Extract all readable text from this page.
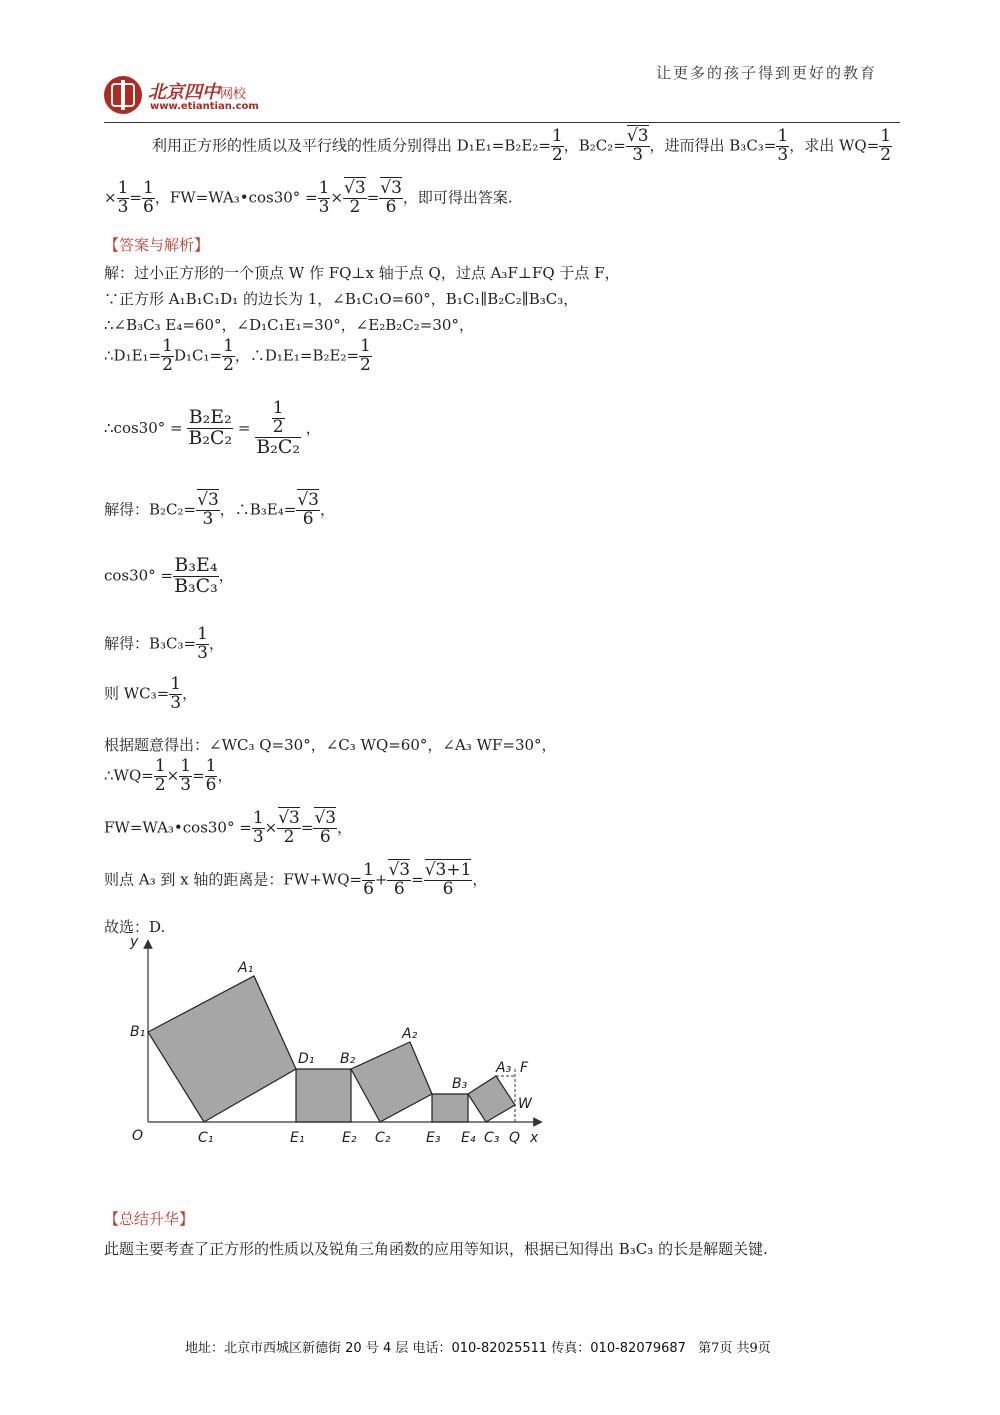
让更多的孩子得到更好的教育
北京四中网校
www.etiantian.com
利用正方形的性质以及平行线的性质分别得出 $D_1E_1=B_2E_2= \frac{1}{2}$ ，$B_2C_2= \frac{√3}{3}$ ，进而得出 $B_3C_3= \frac{1}{3}$ ，求出 $WQ= \frac{1}{2}$
× $\frac{1}{3} = \frac{1}{6}$ ，FW=WA₃•cos30° = $\frac{1}{3} \times \frac{√3}{2} = \frac{√3}{6}$ ，即可得出答案.
【答案与解析】
解：过小正方形的一个顶点 W 作 FQ⊥x 轴于点 Q，过点 A₃F⊥FQ 于点 F，
∵正方形 A₁B₁C₁D₁ 的边长为 1，∠B₁C₁O=60°，B₁C₁∥B₂C₂∥B₃C₃，
∴∠B₃C₃ E₄=60°，∠D₁C₁E₁=30°，∠E₂B₂C₂=30°，
∴D₁E₁= $\frac{1}{2} D_1C_1= \frac{1}{2}$ ，∴D₁E₁=B₂E₂= $\frac{1}{2}$
∴cos30° = $\frac{\text{B₂E₂}}{\text{B₂C₂}} = \frac{\frac{1}{2}}{\text{B₂C₂}}$ ，
解得：$B_2C_2= \frac{√3}{3}$ ，∴B₃E₄= $\frac{√3}{6}$ ，
$\cos 30^\circ = \frac{\text{B₃E₄}}{\text{B₃C₃}}$ ，
解得：$B_3C_3= \frac{1}{3}$ ，
则 $WC_3= \frac{1}{3}$ ，
根据题意得出：∠WC₃ Q=30°，∠C₃ WQ=60°，∠A₃ WF=30°，
∴WQ= $\frac{1}{2} \times \frac{1}{3} = \frac{1}{6}$ ，
FW=WA₃•cos30° = $\frac{1}{3} \times \frac{√3}{2} = \frac{√3}{6}$ ，
则点 A₃ 到 x 轴的距离是：$FW+WQ= \frac{1}{6} + \frac{√3}{6} = \frac{√3+1}{6}$ ，
故选：D.
y
x
O
A₁
B₁
C₁
D₁
E₁	E₂
B₂
A₂
C₂
B₃
E₃ E₄ C₃
A₃ F
W
Q
【总结升华】
此题主要考查了正方形的性质以及锐角三角函数的应用等知识，根据已知得出 B₃C₃ 的长是解题关键.
地址：北京市西城区新德街 20 号 4 层 电话：010-82025511 传真：010-82079687 第7页 共9页
